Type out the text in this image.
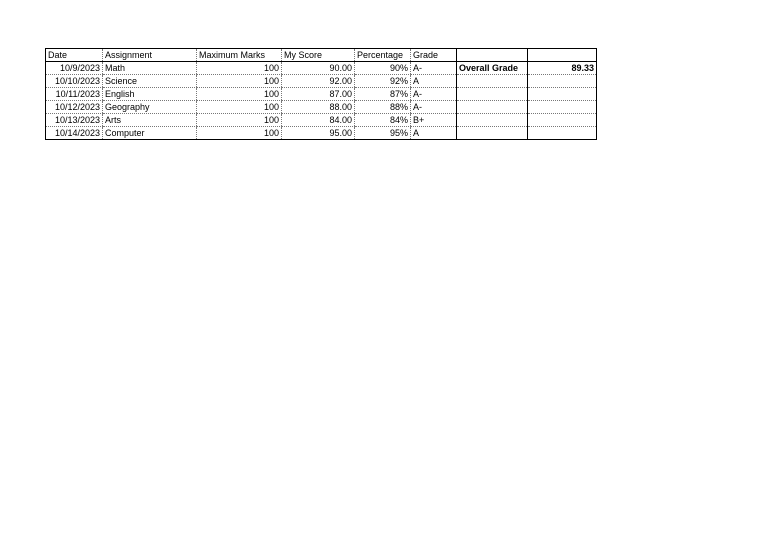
Date	Assignment	Maximum Marks	My Score	Percentage	Grade		
10/9/2023	Math	100	90.00	90%	A-	Overall Grade	89.33
10/10/2023	Science	100	92.00	92%	A		
10/11/2023	English	100	87.00	87%	A-		
10/12/2023	Geography	100	88.00	88%	A-		
10/13/2023	Arts	100	84.00	84%	B+		
10/14/2023	Computer	100	95.00	95%	A		
